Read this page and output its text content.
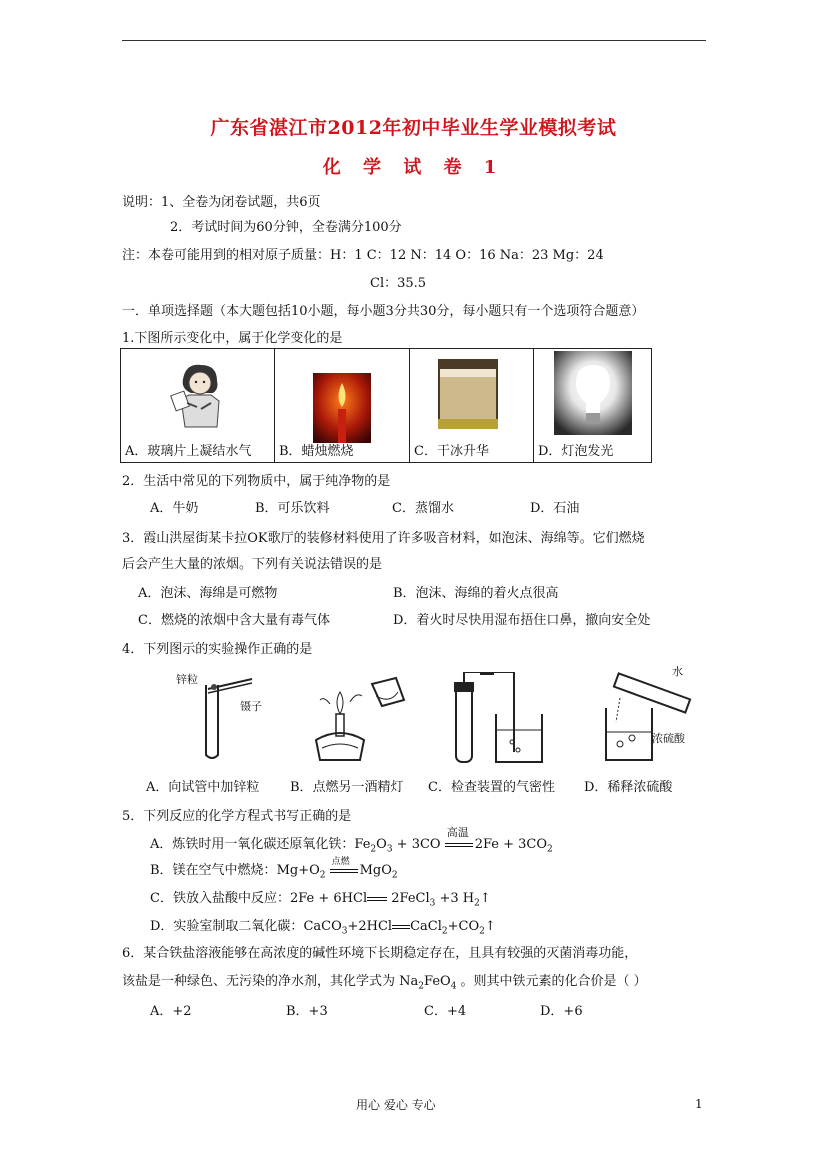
广东省湛江市2012年初中毕业生学业模拟考试
化 学 试 卷 1
说明：1、全卷为闭卷试题，共6页
2．考试时间为60分钟，全卷满分100分
注：本卷可能用到的相对原子质量：H：1 C：12 N：14 O：16 Na：23 Mg：24
Cl：35.5
一．单项选择题（本大题包括10小题，每小题3分共30分，每小题只有一个选项符合题意）
1.下图所示变化中，属于化学变化的是
A．玻璃片上凝结水气	B．蜡烛燃烧	C．干冰升华	D．灯泡发光
2．生活中常见的下列物质中，属于纯净物的是
A．牛奶	B．可乐饮料	C．蒸馏水	D．石油
3．霞山洪屋街某卡拉OK歌厅的装修材料使用了许多吸音材料，如泡沫、海绵等。它们燃烧
后会产生大量的浓烟。下列有关说法错误的是
A．泡沫、海绵是可燃物	B．泡沫、海绵的着火点很高
C．燃烧的浓烟中含大量有毒气体	D．着火时尽快用湿布捂住口鼻，撤向安全处
4．下列图示的实验操作正确的是
锌粒
镊子
水
浓硫酸
A．向试管中加锌粒 B．点燃另一酒精灯 C．检查装置的气密性 D．稀释浓硫酸
5．下列反应的化学方程式书写正确的是
A．炼铁时用一氧化碳还原氧化铁：$Fe_2O_3 + 3CO$
高温
$2Fe + 3CO_2$
B．镁在空气中燃烧：$Mg+O_2$
点燃
MgO$_2$
C．铁放入盐酸中反应：2Fe + 6HCl 2FeCl$_3$ +3 $H_2↑$
D．实验室制取二氧化碳：CaCO$_3$+2HCl $CaCl_2+CO_2↑$
6．某合铁盐溶液能够在高浓度的碱性环境下长期稳定存在，且具有较强的灭菌消毒功能，
该盐是一种绿色、无污染的净水剂，其化学式为 $Na_2FeO_4$ 。则其中铁元素的化合价是（ ）
A．+2	B．+3	C．+4	D．+6
用心 爱心 专心	1
